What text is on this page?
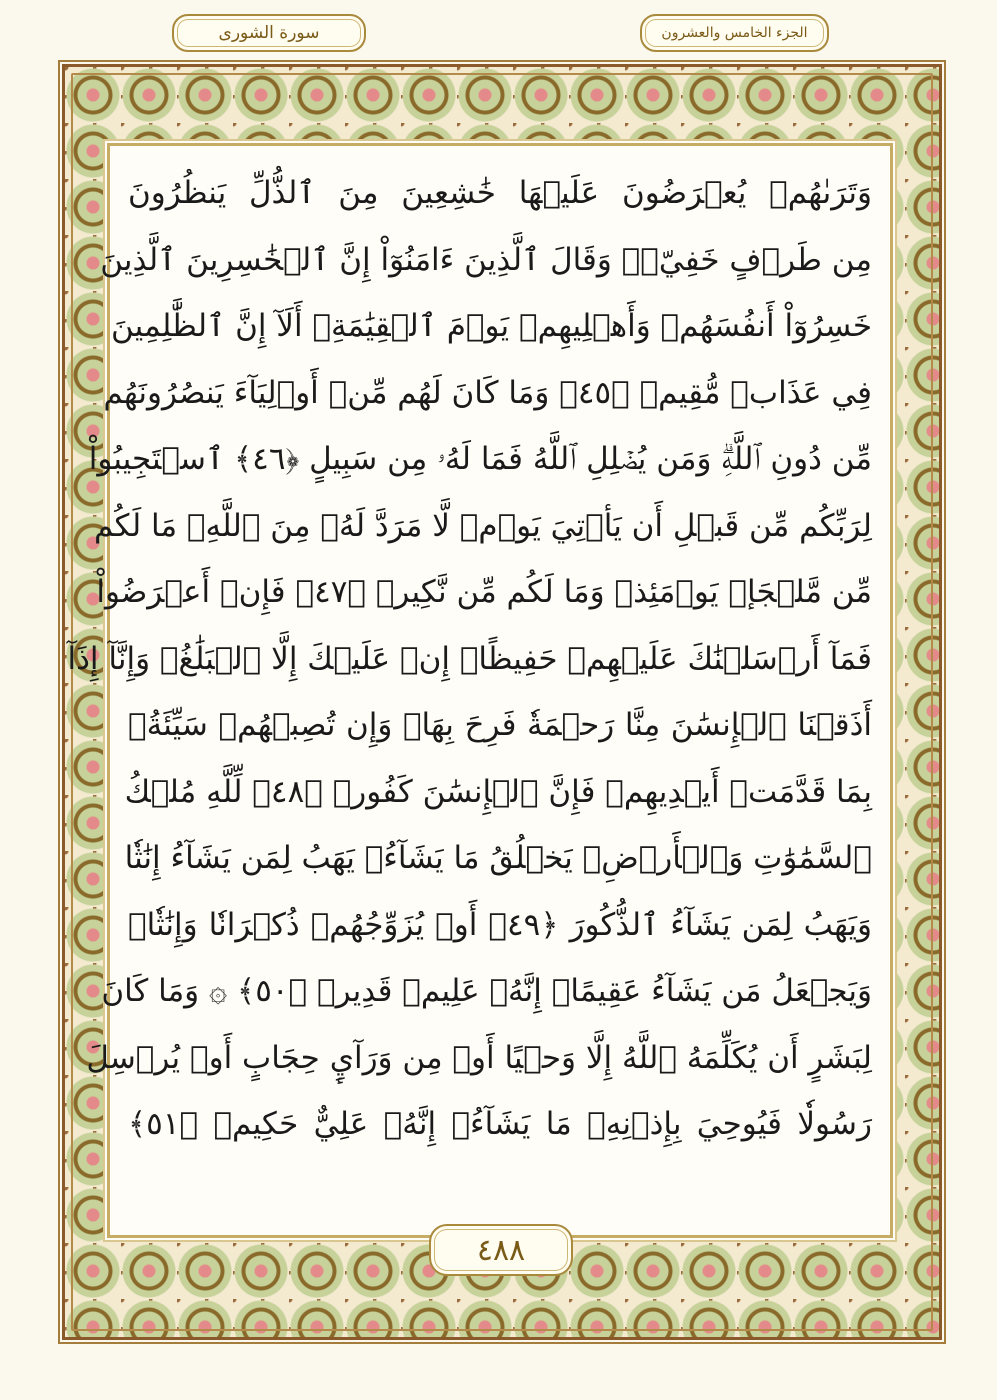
سورة الشورى	الجزء الخامس والعشرون
وَتَرَىٰهُمۡ يُعۡرَضُونَ عَلَيۡهَا خَٰشِعِينَ مِنَ ٱلذُّلِّ يَنظُرُونَ
مِن طَرۡفٍ خَفِيّٖۗ وَقَالَ ٱلَّذِينَ ءَامَنُوٓاْ إِنَّ ٱلۡخَٰسِرِينَ ٱلَّذِينَ
خَسِرُوٓاْ أَنفُسَهُمۡ وَأَهۡلِيهِمۡ يَوۡمَ ٱلۡقِيَٰمَةِۗ أَلَآ إِنَّ ٱلظَّٰلِمِينَ
فِي عَذَابٖ مُّقِيمٖ ﴿٤٥﴾ وَمَا كَانَ لَهُم مِّنۡ أَوۡلِيَآءَ يَنصُرُونَهُم
مِّن دُونِ ٱللَّهِۗ وَمَن يُضۡلِلِ ٱللَّهُ فَمَا لَهُۥ مِن سَبِيلٍ ﴿٤٦﴾ ٱسۡتَجِيبُواْ
لِرَبِّكُم مِّن قَبۡلِ أَن يَأۡتِيَ يَوۡمٞ لَّا مَرَدَّ لَهُۥ مِنَ ٱللَّهِۚ مَا لَكُم
مِّن مَّلۡجَإٖ يَوۡمَئِذٖ وَمَا لَكُم مِّن نَّكِيرٖ ﴿٤٧﴾ فَإِنۡ أَعۡرَضُواْ
فَمَآ أَرۡسَلۡنَٰكَ عَلَيۡهِمۡ حَفِيظًاۖ إِنۡ عَلَيۡكَ إِلَّا ٱلۡبَلَٰغُۗ وَإِنَّآ إِذَآ
أَذَقۡنَا ٱلۡإِنسَٰنَ مِنَّا رَحۡمَةٗ فَرِحَ بِهَاۖ وَإِن تُصِبۡهُمۡ سَيِّئَةُۢ
بِمَا قَدَّمَتۡ أَيۡدِيهِمۡ فَإِنَّ ٱلۡإِنسَٰنَ كَفُورٞ ﴿٤٨﴾ لِّلَّهِ مُلۡكُ
ٱلسَّمَٰوَٰتِ وَٱلۡأَرۡضِۚ يَخۡلُقُ مَا يَشَآءُۚ يَهَبُ لِمَن يَشَآءُ إِنَٰثٗا
وَيَهَبُ لِمَن يَشَآءُ ٱلذُّكُورَ ﴿٤٩﴾ أَوۡ يُزَوِّجُهُمۡ ذُكۡرَانٗا وَإِنَٰثٗاۖ
وَيَجۡعَلُ مَن يَشَآءُ عَقِيمًاۚ إِنَّهُۥ عَلِيمٞ قَدِيرٞ ﴿٥٠﴾ ۞ وَمَا كَانَ
لِبَشَرٍ أَن يُكَلِّمَهُ ٱللَّهُ إِلَّا وَحۡيًا أَوۡ مِن وَرَآيِٕ حِجَابٍ أَوۡ يُرۡسِلَ
رَسُولٗا فَيُوحِيَ بِإِذۡنِهِۦ مَا يَشَآءُۚ إِنَّهُۥ عَلِيٌّ حَكِيمٞ ﴿٥١﴾
٤٨٨
